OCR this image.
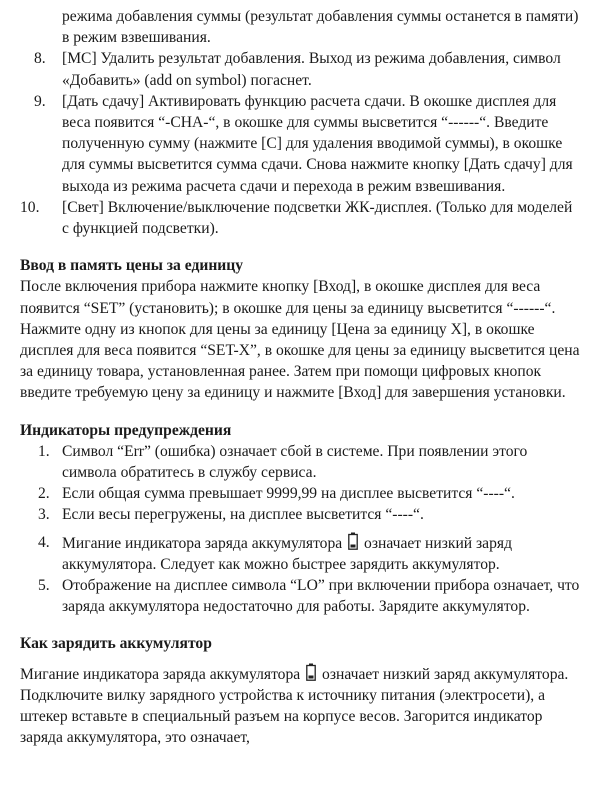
режима добавления суммы (результат добавления суммы останется в памяти) в режим взвешивания.

8. [MC] Удалить результат добавления. Выход из режима добавления, символ «Добавить» (add on symbol) погаснет.
9. [Дать сдачу] Активировать функцию расчета сдачи. В окошке дисплея для веса появится “-CHA-“, в окошке для суммы высветится “------“. Введите полученную сумму (нажмите [C] для удаления вводимой суммы), в окошке для суммы высветится сумма сдачи. Снова нажмите кнопку [Дать сдачу] для выхода из режима расчета сдачи и перехода в режим взвешивания.
10. [Свет] Включение/выключение подсветки ЖК-дисплея. (Только для моделей с функцией подсветки).
Ввод в память цены за единицу

После включения прибора нажмите кнопку [Вход], в окошке дисплея для веса появится “SET” (установить); в окошке для цены за единицу высветится “------“. Нажмите одну из кнопок для цены за единицу [Цена за единицу X], в окошке дисплея для веса появится “SET-X”, в окошке для цены за единицу высветится цена за единицу товара, установленная ранее. Затем при помощи цифровых кнопок введите требуемую цену за единицу и нажмите [Вход] для завершения установки.

Индикаторы предупреждения
1. Символ “Err” (ошибка) означает сбой в системе. При появлении этого символа обратитесь в службу сервиса.
2. Если общая сумма превышает 9999,99 на дисплее высветится “----“.
3. Если весы перегружены, на дисплее высветится “----“.
4. Мигание индикатора заряда аккумулятора означает низкий заряд аккумулятора. Следует как можно быстрее зарядить аккумулятор.
5. Отображение на дисплее символа “LO” при включении прибора означает, что заряда аккумулятора недостаточно для работы. Зарядите аккумулятор.
Как зарядить аккумулятор

Мигание индикатора заряда аккумулятора означает низкий заряд аккумулятора. Подключите вилку зарядного устройства к источнику питания (электросети), а штекер вставьте в специальный разъем на корпусе весов. Загорится индикатор заряда аккумулятора, это означает,
